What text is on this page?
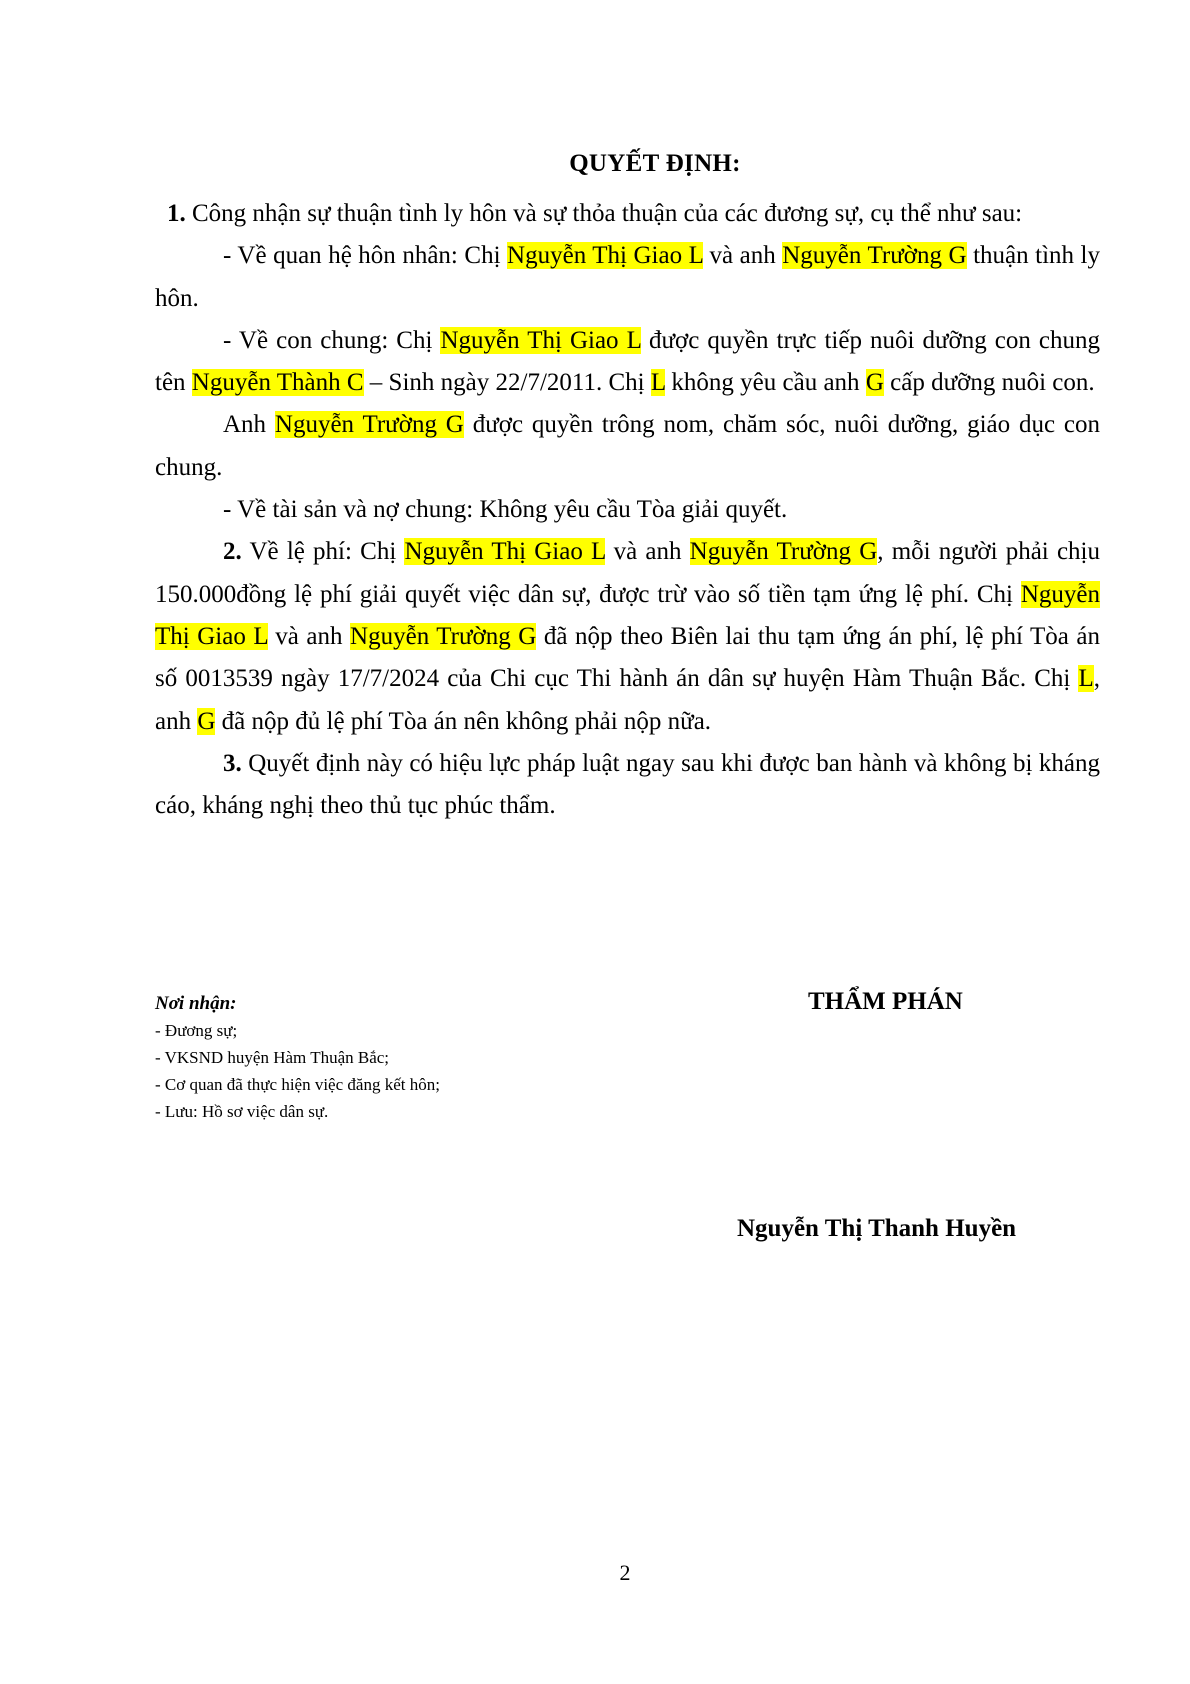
QUYẾT ĐỊNH:

1. Công nhận sự thuận tình ly hôn và sự thỏa thuận của các đương sự, cụ thể như sau:

- Về quan hệ hôn nhân: Chị Nguyễn Thị Giao L và anh Nguyễn Trường G thuận tình ly hôn.

- Về con chung: Chị Nguyễn Thị Giao L được quyền trực tiếp nuôi dưỡng con chung tên Nguyễn Thành C – Sinh ngày 22/7/2011. Chị L không yêu cầu anh G cấp dưỡng nuôi con.

Anh Nguyễn Trường G được quyền trông nom, chăm sóc, nuôi dưỡng, giáo dục con chung.

- Về tài sản và nợ chung: Không yêu cầu Tòa giải quyết.

2. Về lệ phí: Chị Nguyễn Thị Giao L và anh Nguyễn Trường G, mỗi người phải chịu 150.000đồng lệ phí giải quyết việc dân sự, được trừ vào số tiền tạm ứng lệ phí. Chị Nguyễn Thị Giao L và anh Nguyễn Trường G đã nộp theo Biên lai thu tạm ứng án phí, lệ phí Tòa án số 0013539 ngày 17/7/2024 của Chi cục Thi hành án dân sự huyện Hàm Thuận Bắc. Chị L, anh G đã nộp đủ lệ phí Tòa án nên không phải nộp nữa.

3. Quyết định này có hiệu lực pháp luật ngay sau khi được ban hành và không bị kháng cáo, kháng nghị theo thủ tục phúc thẩm.

Nơi nhận:
- Đương sự;
- VKSND huyện Hàm Thuận Bắc;
- Cơ quan đã thực hiện việc đăng kết hôn;
- Lưu: Hồ sơ việc dân sự.
THẨM PHÁN
Nguyễn Thị Thanh Huyền
2
